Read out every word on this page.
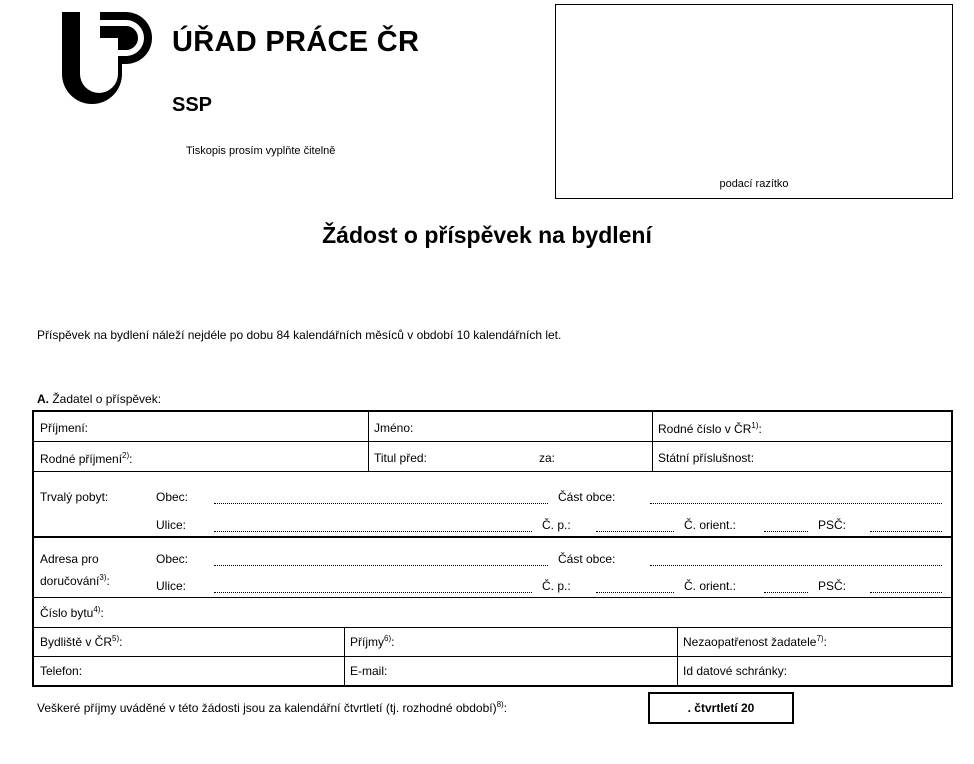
ÚŘAD PRÁCE ČR
SSP
Tiskopis prosím vyplňte čitelně
podací razítko
Žádost o příspěvek na bydlení
Příspěvek na bydlení náleží nejdéle po dobu 84 kalendářních měsíců v období 10 kalendářních let.
A. Žadatel o příspěvek:
Příjmení:	Jméno:	Rodné číslo v ČR$^{1)}$:
Rodné příjmení$^{2)}$:	Titul před:	za:	Státní příslušnost:
Trvalý pobyt:	Obec:	Část obce:
Ulice:	Č. p.:	Č. orient.:	PSČ:
Adresa pro
doručování$^{3)}$:
Obec:	Část obce:
Ulice:	Č. p.:	Č. orient.:	PSČ:
Číslo bytu$^{4)}$:
Bydliště v ČR$^{5)}$:	Příjmy$^{6)}$:	Nezaopatřenost žadatele$^{7)}$:
Telefon:	E-mail:	Id datové schránky:
Veškeré příjmy uváděné v této žádosti jsou za kalendářní čtvrtletí (tj. rozhodné období)$^{8)}$:	. čtvrtletí 20
